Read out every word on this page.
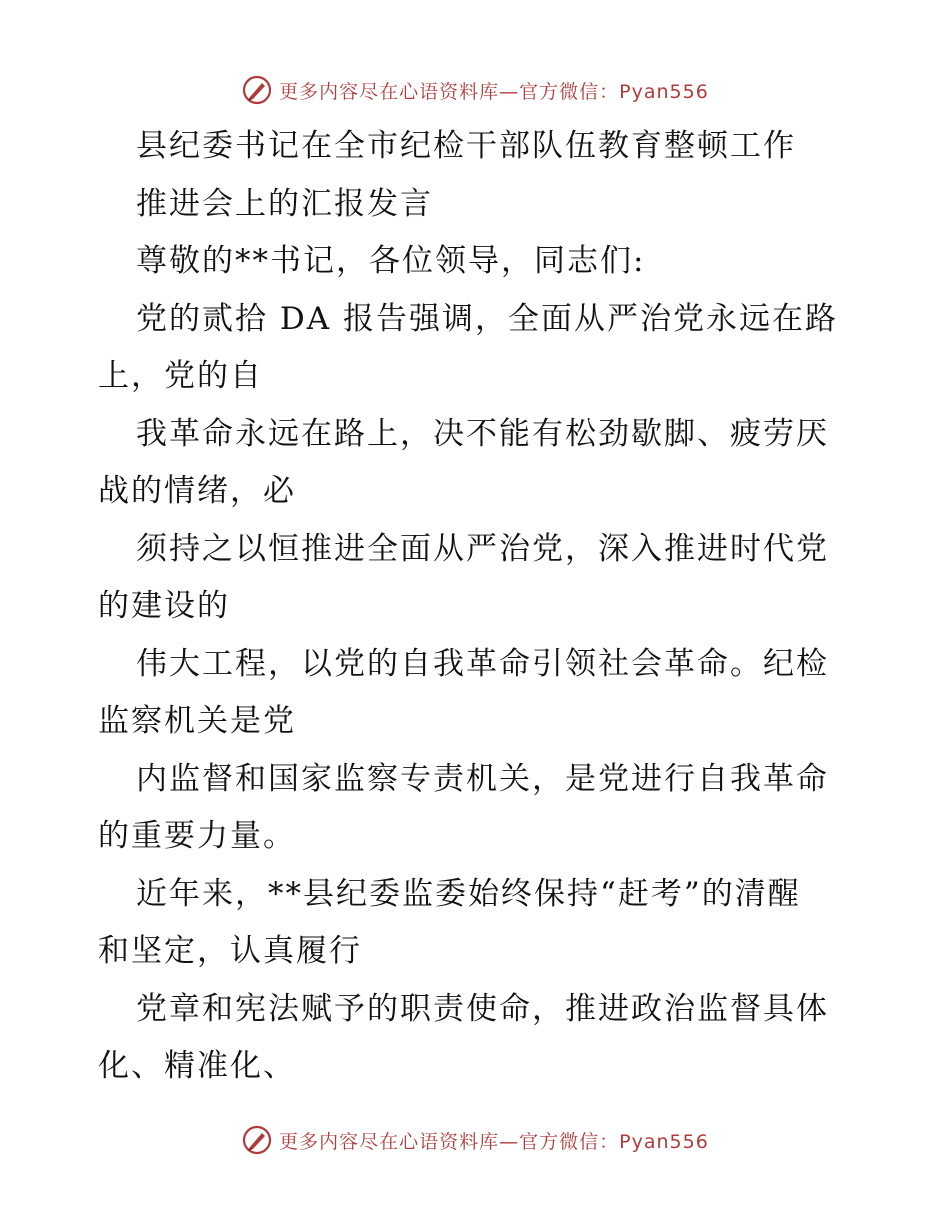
更多内容尽在心语资料库—官方微信：Pyan556
县纪委书记在全市纪检干部队伍教育整顿工作
推进会上的汇报发言
尊敬的**书记，各位领导，同志们:
党的贰拾 DA 报告强调，全面从严治党永远在路
上，党的自
我革命永远在路上，决不能有松劲歇脚、疲劳厌
战的情绪，必
须持之以恒推进全面从严治党，深入推进时代党
的建设的
伟大工程，以党的自我革命引领社会革命。纪检
监察机关是党
内监督和国家监察专责机关，是党进行自我革命
的重要力量。
近年来，**县纪委监委始终保持“赶考”的清醒
和坚定，认真履行
党章和宪法赋予的职责使命，推进政治监督具体
化、精准化、
更多内容尽在心语资料库—官方微信：Pyan556
